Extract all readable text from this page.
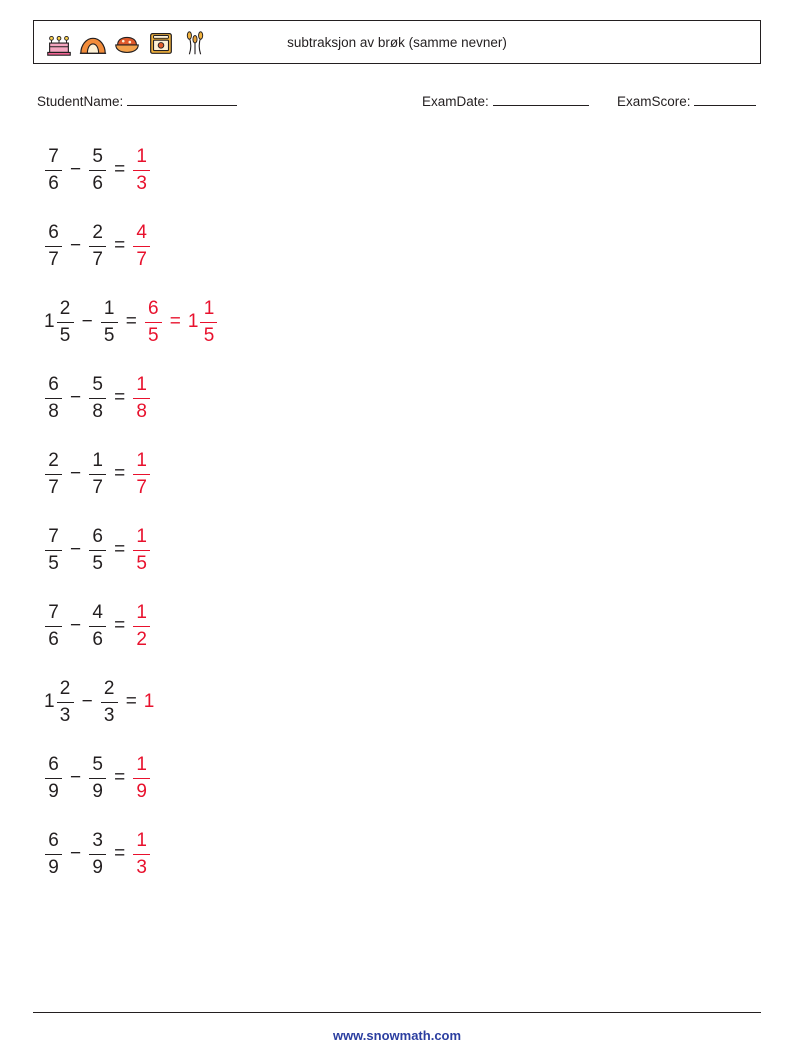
subtraksjon av brøk (samme nevner)
StudentName:	ExamDate:	ExamScore:
$\frac{7}{6} - \frac{5}{6} = \frac{1}{3}$
$\frac{6}{7} - \frac{2}{7} = \frac{4}{7}$
$1 \frac{2}{5} - \frac{1}{5} = \frac{6}{5} = 1 \frac{1}{5}$
$\frac{6}{8} - \frac{5}{8} = \frac{1}{8}$
$\frac{2}{7} - \frac{1}{7} = \frac{1}{7}$
$\frac{7}{5} - \frac{6}{5} = \frac{1}{5}$
$\frac{7}{6} - \frac{4}{6} = \frac{1}{2}$
$1 \frac{2}{3} - \frac{2}{3} = 1$
$\frac{6}{9} - \frac{5}{9} = \frac{1}{9}$
$\frac{6}{9} - \frac{3}{9} = \frac{1}{3}$
www.snowmath.com
